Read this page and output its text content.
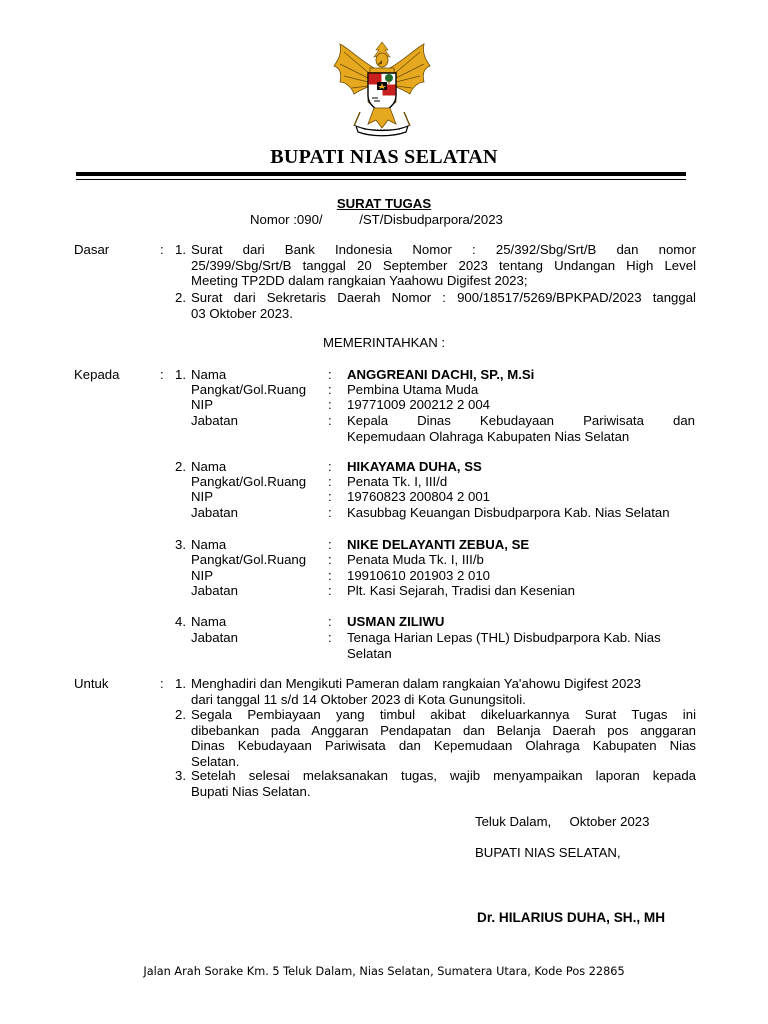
BUPATI NIAS SELATAN
SURAT TUGAS
Nomor :090/          /ST/Disbudparpora/2023
Dasar	: 1. Surat dari Bank Indonesia Nomor : 25/392/Sbg/Srt/B dan nomor
25/399/Sbg/Srt/B tanggal 20 September 2023 tentang Undangan High Level
Meeting TP2DD dalam rangkaian Yaahowu Digifest 2023;
2. Surat dari Sekretaris Daerah Nomor : 900/18517/5269/BPKPAD/2023 tanggal
03 Oktober 2023.
MEMERINTAHKAN :
Kepada	: 1. Nama	: ANGGREANI DACHI, SP., M.Si
Pangkat/Gol.Ruang : Pembina Utama Muda
NIP	: 19771009 200212 2 004
Jabatan	: Kepala Dinas Kebudayaan Pariwisata dan
Kepemudaan Olahraga Kabupaten Nias Selatan
2. Nama	: HIKAYAMA DUHA, SS
Pangkat/Gol.Ruang : Penata Tk. I, III/d
NIP	: 19760823 200804 2 001
Jabatan	: Kasubbag Keuangan Disbudparpora Kab. Nias Selatan
3. Nama	: NIKE DELAYANTI ZEBUA, SE
Pangkat/Gol.Ruang : Penata Muda Tk. I, III/b
NIP	: 19910610 201903 2 010
Jabatan	: Plt. Kasi Sejarah, Tradisi dan Kesenian
4. Nama	: USMAN ZILIWU
Jabatan	: Tenaga Harian Lepas (THL) Disbudparpora Kab. Nias
Selatan
Untuk	: 1. Menghadiri dan Mengikuti Pameran dalam rangkaian Ya'ahowu Digifest 2023
dari tanggal 11 s/d 14 Oktober 2023 di Kota Gunungsitoli.
2. Segala Pembiayaan yang timbul akibat dikeluarkannya Surat Tugas ini
dibebankan pada Anggaran Pendapatan dan Belanja Daerah pos anggaran
Dinas Kebudayaan Pariwisata dan Kepemudaan Olahraga Kabupaten Nias
Selatan.
3. Setelah selesai melaksanakan tugas, wajib menyampaikan laporan kepada
Bupati Nias Selatan.
Teluk Dalam,     Oktober 2023
BUPATI NIAS SELATAN,
Dr. HILARIUS DUHA, SH., MH
Jalan Arah Sorake Km. 5 Teluk Dalam, Nias Selatan, Sumatera Utara, Kode Pos 22865
